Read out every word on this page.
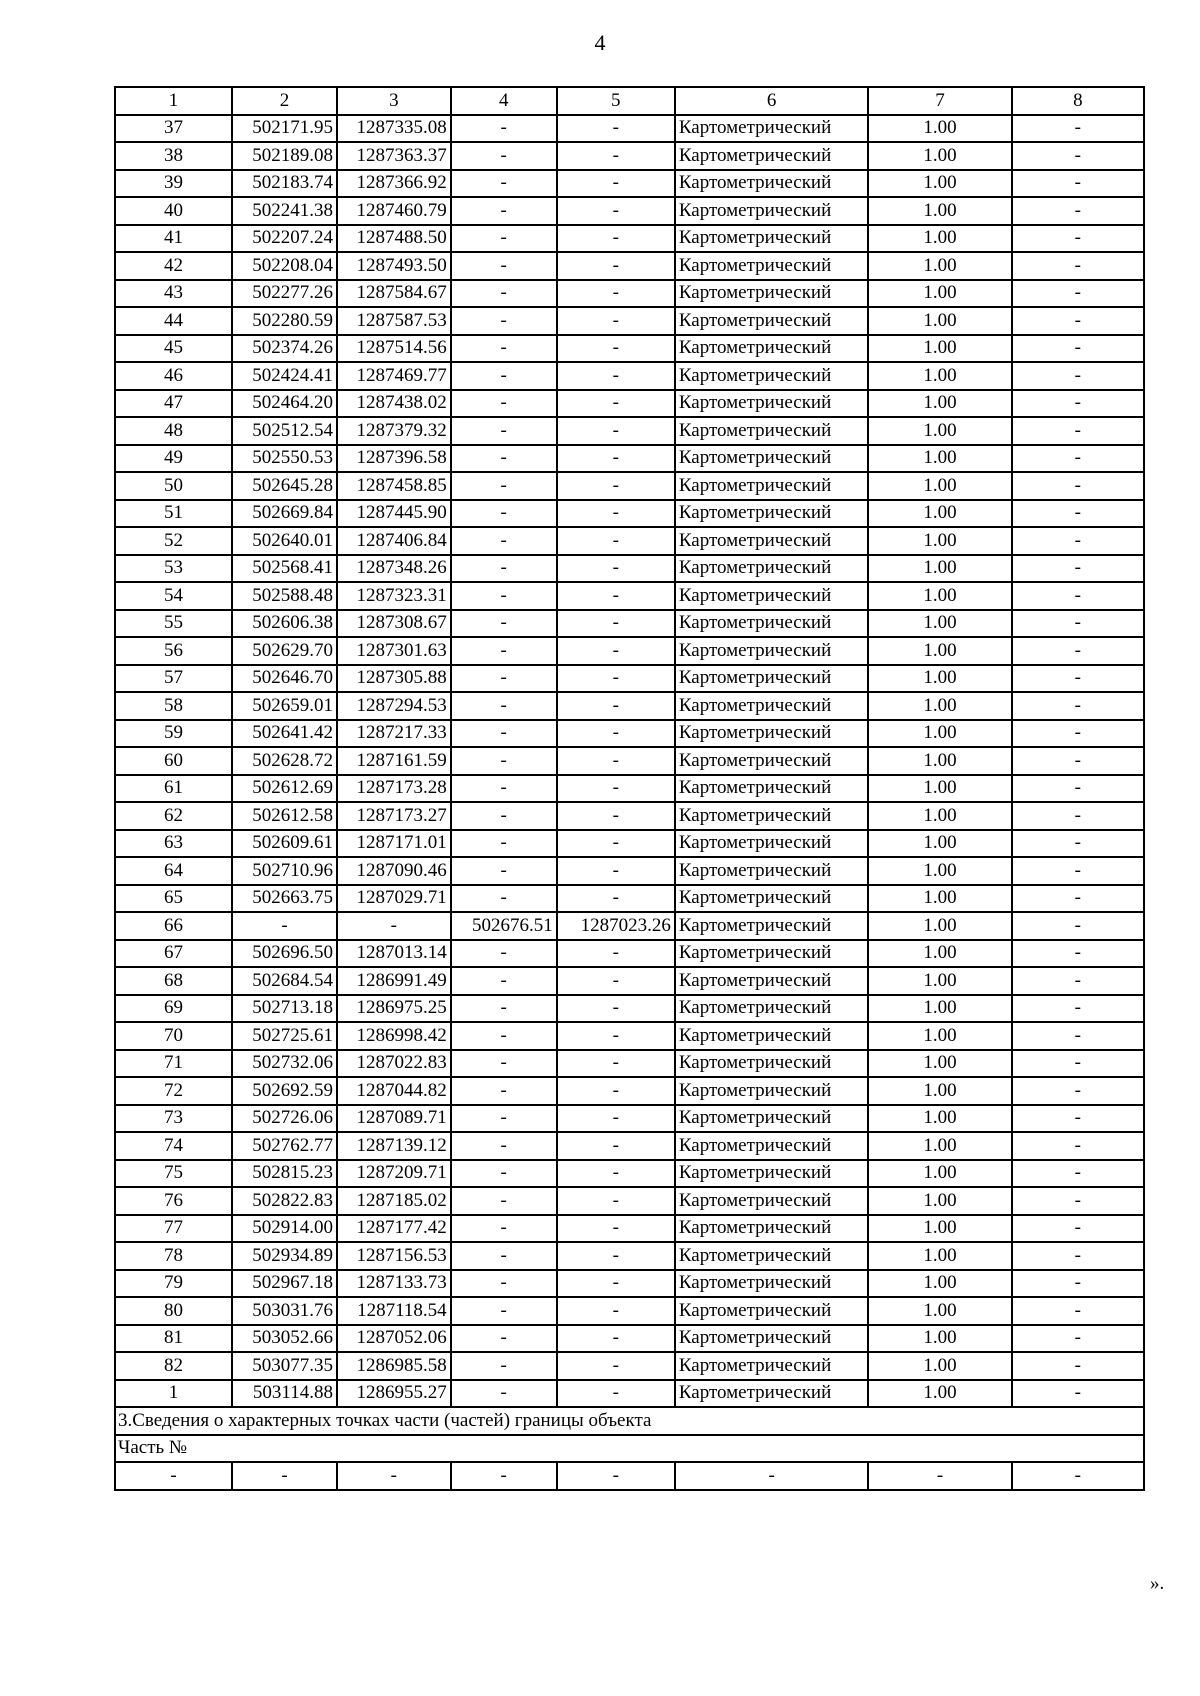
4
1	2	3	4	5	6	7	8
37	502171.95	1287335.08	-	-	Картометрический	1.00	-
38	502189.08	1287363.37	-	-	Картометрический	1.00	-
39	502183.74	1287366.92	-	-	Картометрический	1.00	-
40	502241.38	1287460.79	-	-	Картометрический	1.00	-
41	502207.24	1287488.50	-	-	Картометрический	1.00	-
42	502208.04	1287493.50	-	-	Картометрический	1.00	-
43	502277.26	1287584.67	-	-	Картометрический	1.00	-
44	502280.59	1287587.53	-	-	Картометрический	1.00	-
45	502374.26	1287514.56	-	-	Картометрический	1.00	-
46	502424.41	1287469.77	-	-	Картометрический	1.00	-
47	502464.20	1287438.02	-	-	Картометрический	1.00	-
48	502512.54	1287379.32	-	-	Картометрический	1.00	-
49	502550.53	1287396.58	-	-	Картометрический	1.00	-
50	502645.28	1287458.85	-	-	Картометрический	1.00	-
51	502669.84	1287445.90	-	-	Картометрический	1.00	-
52	502640.01	1287406.84	-	-	Картометрический	1.00	-
53	502568.41	1287348.26	-	-	Картометрический	1.00	-
54	502588.48	1287323.31	-	-	Картометрический	1.00	-
55	502606.38	1287308.67	-	-	Картометрический	1.00	-
56	502629.70	1287301.63	-	-	Картометрический	1.00	-
57	502646.70	1287305.88	-	-	Картометрический	1.00	-
58	502659.01	1287294.53	-	-	Картометрический	1.00	-
59	502641.42	1287217.33	-	-	Картометрический	1.00	-
60	502628.72	1287161.59	-	-	Картометрический	1.00	-
61	502612.69	1287173.28	-	-	Картометрический	1.00	-
62	502612.58	1287173.27	-	-	Картометрический	1.00	-
63	502609.61	1287171.01	-	-	Картометрический	1.00	-
64	502710.96	1287090.46	-	-	Картометрический	1.00	-
65	502663.75	1287029.71	-	-	Картометрический	1.00	-
66	-	-	502676.51	1287023.26	Картометрический	1.00	-
67	502696.50	1287013.14	-	-	Картометрический	1.00	-
68	502684.54	1286991.49	-	-	Картометрический	1.00	-
69	502713.18	1286975.25	-	-	Картометрический	1.00	-
70	502725.61	1286998.42	-	-	Картометрический	1.00	-
71	502732.06	1287022.83	-	-	Картометрический	1.00	-
72	502692.59	1287044.82	-	-	Картометрический	1.00	-
73	502726.06	1287089.71	-	-	Картометрический	1.00	-
74	502762.77	1287139.12	-	-	Картометрический	1.00	-
75	502815.23	1287209.71	-	-	Картометрический	1.00	-
76	502822.83	1287185.02	-	-	Картометрический	1.00	-
77	502914.00	1287177.42	-	-	Картометрический	1.00	-
78	502934.89	1287156.53	-	-	Картометрический	1.00	-
79	502967.18	1287133.73	-	-	Картометрический	1.00	-
80	503031.76	1287118.54	-	-	Картометрический	1.00	-
81	503052.66	1287052.06	-	-	Картометрический	1.00	-
82	503077.35	1286985.58	-	-	Картометрический	1.00	-
1	503114.88	1286955.27	-	-	Картометрический	1.00	-
3.Сведения о характерных точках части (частей) границы объекта							
Часть №							
-	-	-	-	-	-	-	-
».
